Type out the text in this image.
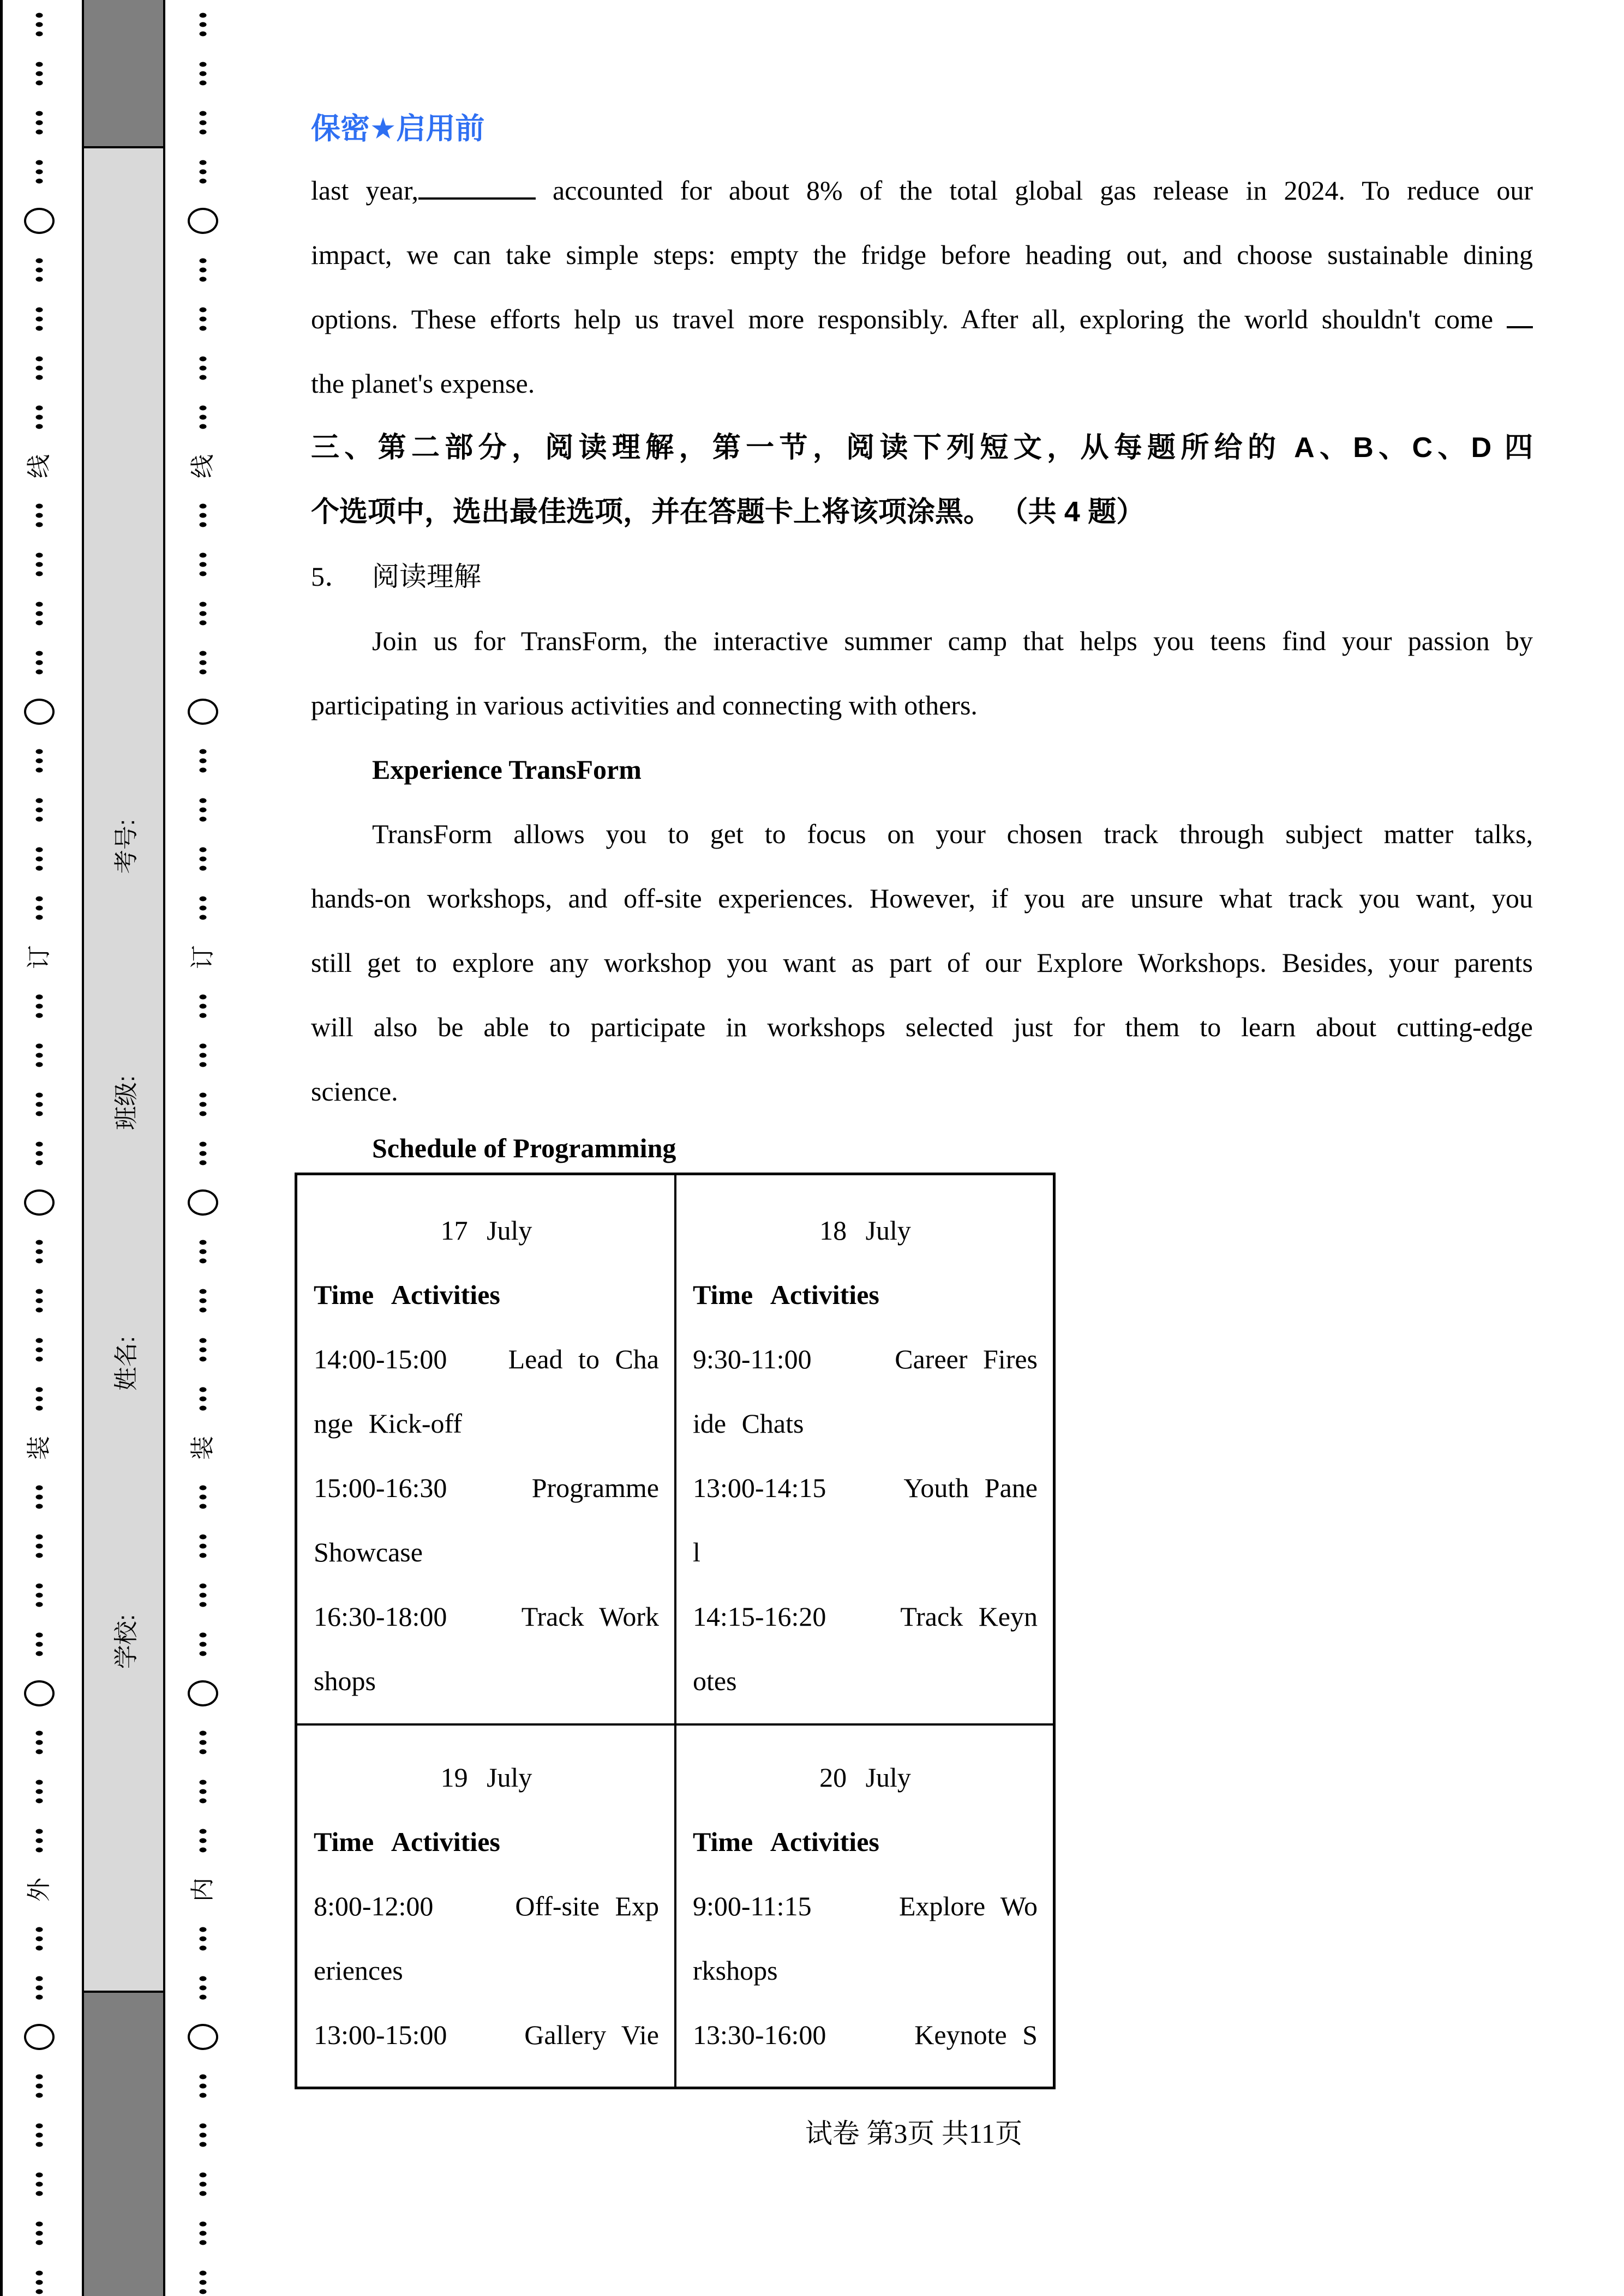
线
订
装
外
线
订
装
内
考号:
班级:
姓名:
学校:
保密★启用前
last year,	accounted for about 8% of the total global gas release in 2024. To reduce our
impact, we can take simple steps: empty the fridge before heading out, and choose sustainable dining
options. These efforts help us travel more responsibly. After all, exploring the world shouldn't come
the planet's expense.
三、第二部分，阅读理解，第一节，阅读下列短文，从每题所给的 A、B、C、D 四
个选项中，选出最佳选项，并在答题卡上将该项涂黑。 （共 4 题）
5． 阅读理解
Join us for TransForm, the interactive summer camp that helps you teens find your passion by
participating in various activities and connecting with others.
Experience TransForm
TransForm allows you to get to focus on your chosen track through subject matter talks,
hands-on workshops, and off-site experiences. However, if you are unsure what track you want, you
still get to explore any workshop you want as part of our Explore Workshops. Besides, your parents
will also be able to participate in workshops selected just for them to learn about cutting-edge
science.
Schedule of Programming
17 July
Time Activities
14:00-15:00 Lead to Cha
nge Kick-off
15:00-16:30	Programme
Showcase
16:30-18:00	Track Work
shops
18 July
Time Activities
9:30-11:00	Career Fires
ide Chats
13:00-14:15	Youth Pane
l
14:15-16:20	Track Keyn
otes
19 July
Time Activities
8:00-12:00	Off-site Exp
eriences
13:00-15:00	Gallery Vie
20 July
Time Activities
9:00-11:15	Explore Wo
rkshops
13:30-16:00	Keynote S
试卷 第3页 共11页
